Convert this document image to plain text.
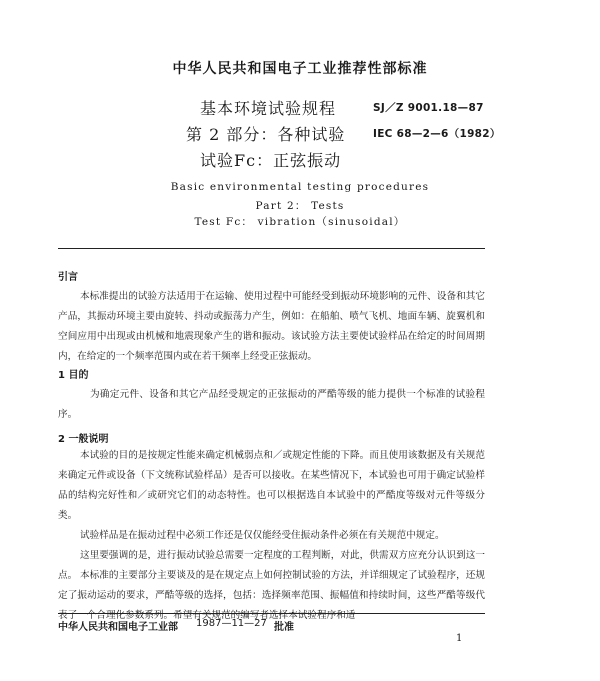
中华人民共和国电子工业推荐性部标准
基本环境试验规程
第 2 部分：各种试验
试验Fc：正弦振动
SJ／Z 9001.18—87
IEC 68—2—6（1982）
Basic environmental testing procedures
Part 2： Tests
Test Fc： vibration（sinusoidal）
引言
本标准提出的试验方法适用于在运输、使用过程中可能经受到振动环境影响的元件、设备和其它产品，其振动环境主要由旋转、抖动或振荡力产生，例如：在船舶、喷气飞机、地面车辆、旋翼机和空间应用中出现或由机械和地震现象产生的谐和振动。该试验方法主要使试验样品在给定的时间周期内，在给定的一个频率范围内或在若干频率上经受正弦振动。
1 目的
为确定元件、设备和其它产品经受规定的正弦振动的严酷等级的能力提供一个标准的试验程序。
2 一般说明
本试验的目的是按规定性能来确定机械弱点和／或规定性能的下降。而且使用该数据及有关规范来确定元件或设备（下文统称试验样品）是否可以接收。在某些情况下，本试验也可用于确定试验样品的结构完好性和／或研究它们的动态特性。也可以根据选自本试验中的严酷度等级对元件等级分类。
试验样品是在振动过程中必须工作还是仅仅能经受住振动条件必须在有关规范中规定。
这里要强调的是，进行振动试验总需要一定程度的工程判断，对此，供需双方应充分认识到这一点。 本标准的主要部分主要谈及的是在规定点上如何控制试验的方法，并详细规定了试验程序，还规定了振动运动的要求，严酷等级的选择，包括：选择频率范围、振幅值和持续时间，这些严酷等级代表了一个合理化参数系列。希望有关规范的编写者选择本试验程序和适
中华人民共和国电子工业部 1987—11—27 批准
1
